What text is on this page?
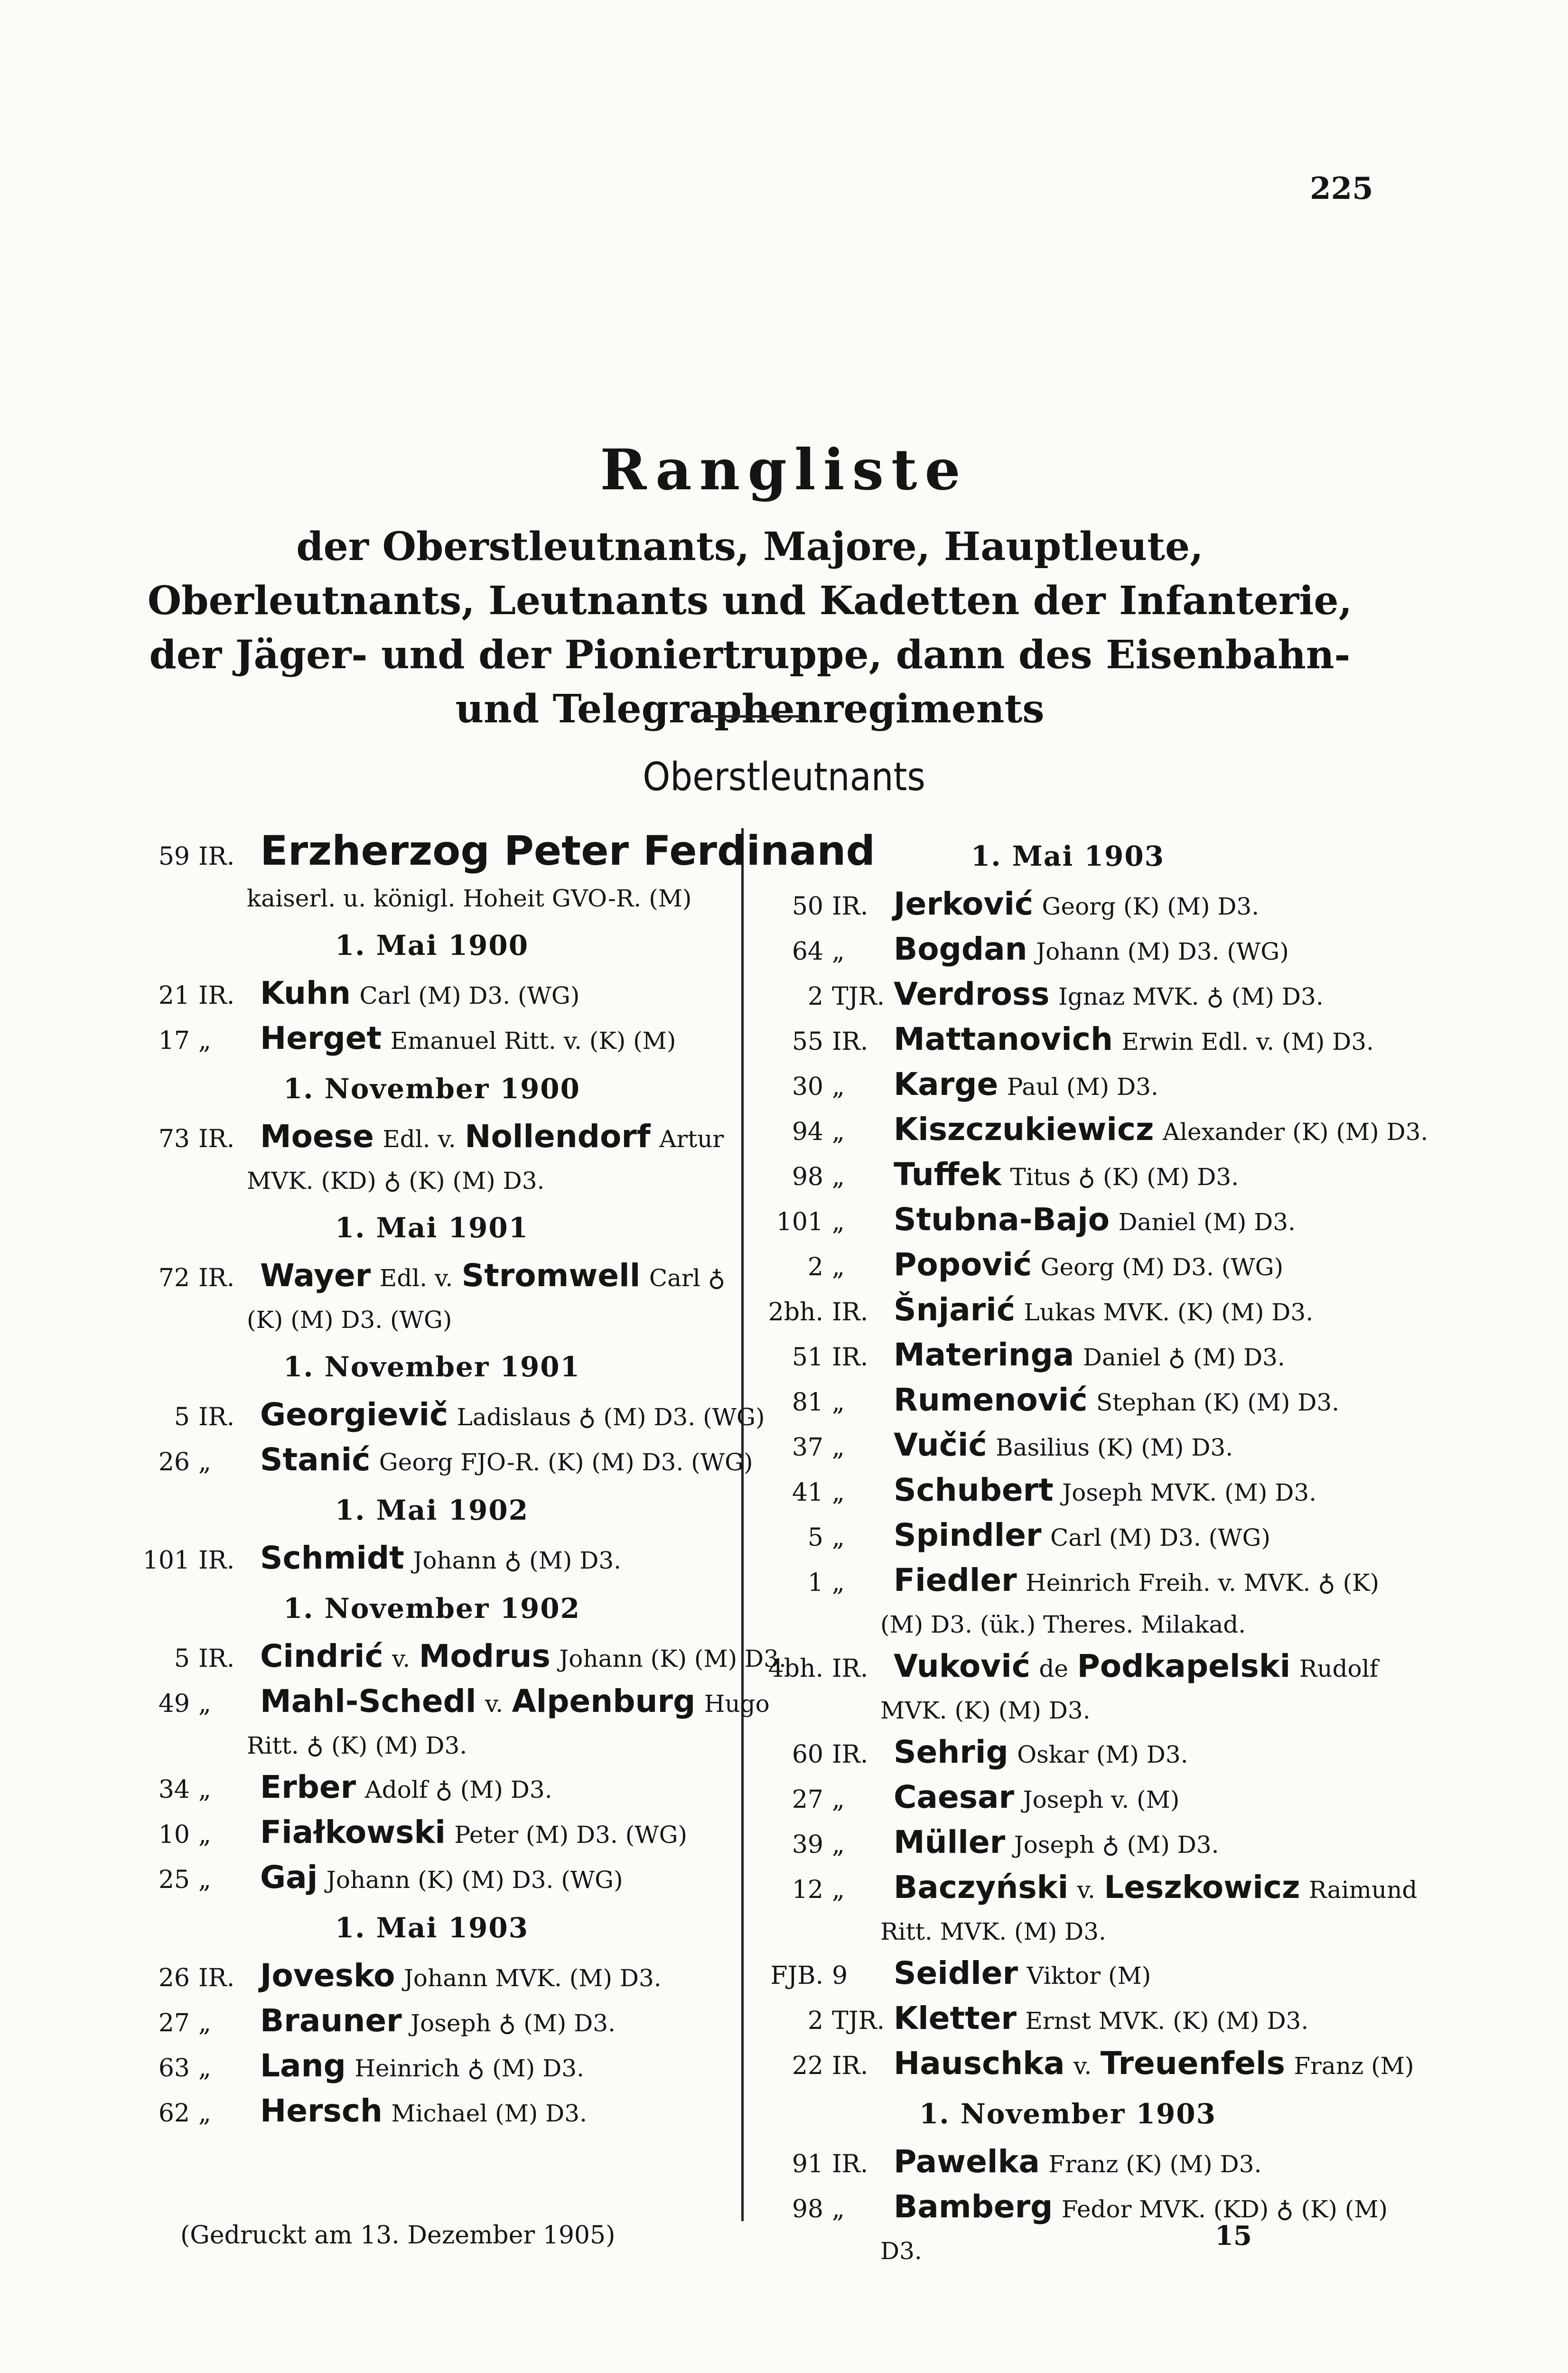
225
Rangliste
der Oberstleutnants, Majore, Hauptleute, Oberleutnants, Leutnants und Kadetten der Infanterie, der Jäger- und der Pioniertruppe, dann des Eisenbahn- und Telegraphenregiments
Oberstleutnants
59 IR. Erzherzog Peter Ferdinand
kaiserl. u. königl. Hoheit GVO-R. (M)
1. Mai 1900
21 IR. Kuhn Carl (M) D3. (WG)
17 „ Herget Emanuel Ritt. v. (K) (M)
1. November 1900
73 IR. Moese Edl. v. Nollendorf Artur
MVK. (KD) ♁ (K) (M) D3.
1. Mai 1901
72 IR. Wayer Edl. v. Stromwell Carl ♁
(K) (M) D3. (WG)
1. November 1901
5 IR. Georgievič Ladislaus ♁ (M) D3. (WG)
26 „ Stanić Georg FJO-R. (K) (M) D3. (WG)
1. Mai 1902
101 IR. Schmidt Johann ♁ (M) D3.
1. November 1902
5 IR. Cindrić v. Modrus Johann (K) (M) D3.
49 „ Mahl-Schedl v. Alpenburg Hugo
Ritt. ♁ (K) (M) D3.
34 „ Erber Adolf ♁ (M) D3.
10 „ Fiałkowski Peter (M) D3. (WG)
25 „ Gaj Johann (K) (M) D3. (WG)
1. Mai 1903
26 IR. Jovesko Johann MVK. (M) D3.
27 „ Brauner Joseph ♁ (M) D3.
63 „ Lang Heinrich ♁ (M) D3.
62 „ Hersch Michael (M) D3.
1. Mai 1903
50 IR. Jerković Georg (K) (M) D3.
64 „ Bogdan Johann (M) D3. (WG)
2 TJR. Verdross Ignaz MVK. ♁ (M) D3.
55 IR. Mattanovich Erwin Edl. v. (M) D3.
30 „ Karge Paul (M) D3.
94 „ Kiszczukiewicz Alexander (K) (M) D3.
98 „ Tuffek Titus ♁ (K) (M) D3.
101 „ Stubna-Bajo Daniel (M) D3.
2 „ Popović Georg (M) D3. (WG)
2bh. IR. Šnjarić Lukas MVK. (K) (M) D3.
51 IR. Materinga Daniel ♁ (M) D3.
81 „ Rumenović Stephan (K) (M) D3.
37 „ Vučić Basilius (K) (M) D3.
41 „ Schubert Joseph MVK. (M) D3.
5 „ Spindler Carl (M) D3. (WG)
1 „ Fiedler Heinrich Freih. v. MVK. ♁ (K)
(M) D3. (ük.) Theres. Milakad.
4bh. IR. Vuković de Podkapelski Rudolf
MVK. (K) (M) D3.
60 IR. Sehrig Oskar (M) D3.
27 „ Caesar Joseph v. (M)
39 „ Müller Joseph ♁ (M) D3.
12 „ Baczyński v. Leszkowicz Raimund
Ritt. MVK. (M) D3.
FJB. 9 Seidler Viktor (M)
2 TJR. Kletter Ernst MVK. (K) (M) D3.
22 IR. Hauschka v. Treuenfels Franz (M)
1. November 1903
91 IR. Pawelka Franz (K) (M) D3.
98 „ Bamberg Fedor MVK. (KD) ♁ (K) (M)
D3.
(Gedruckt am 13. Dezember 1905)	15
